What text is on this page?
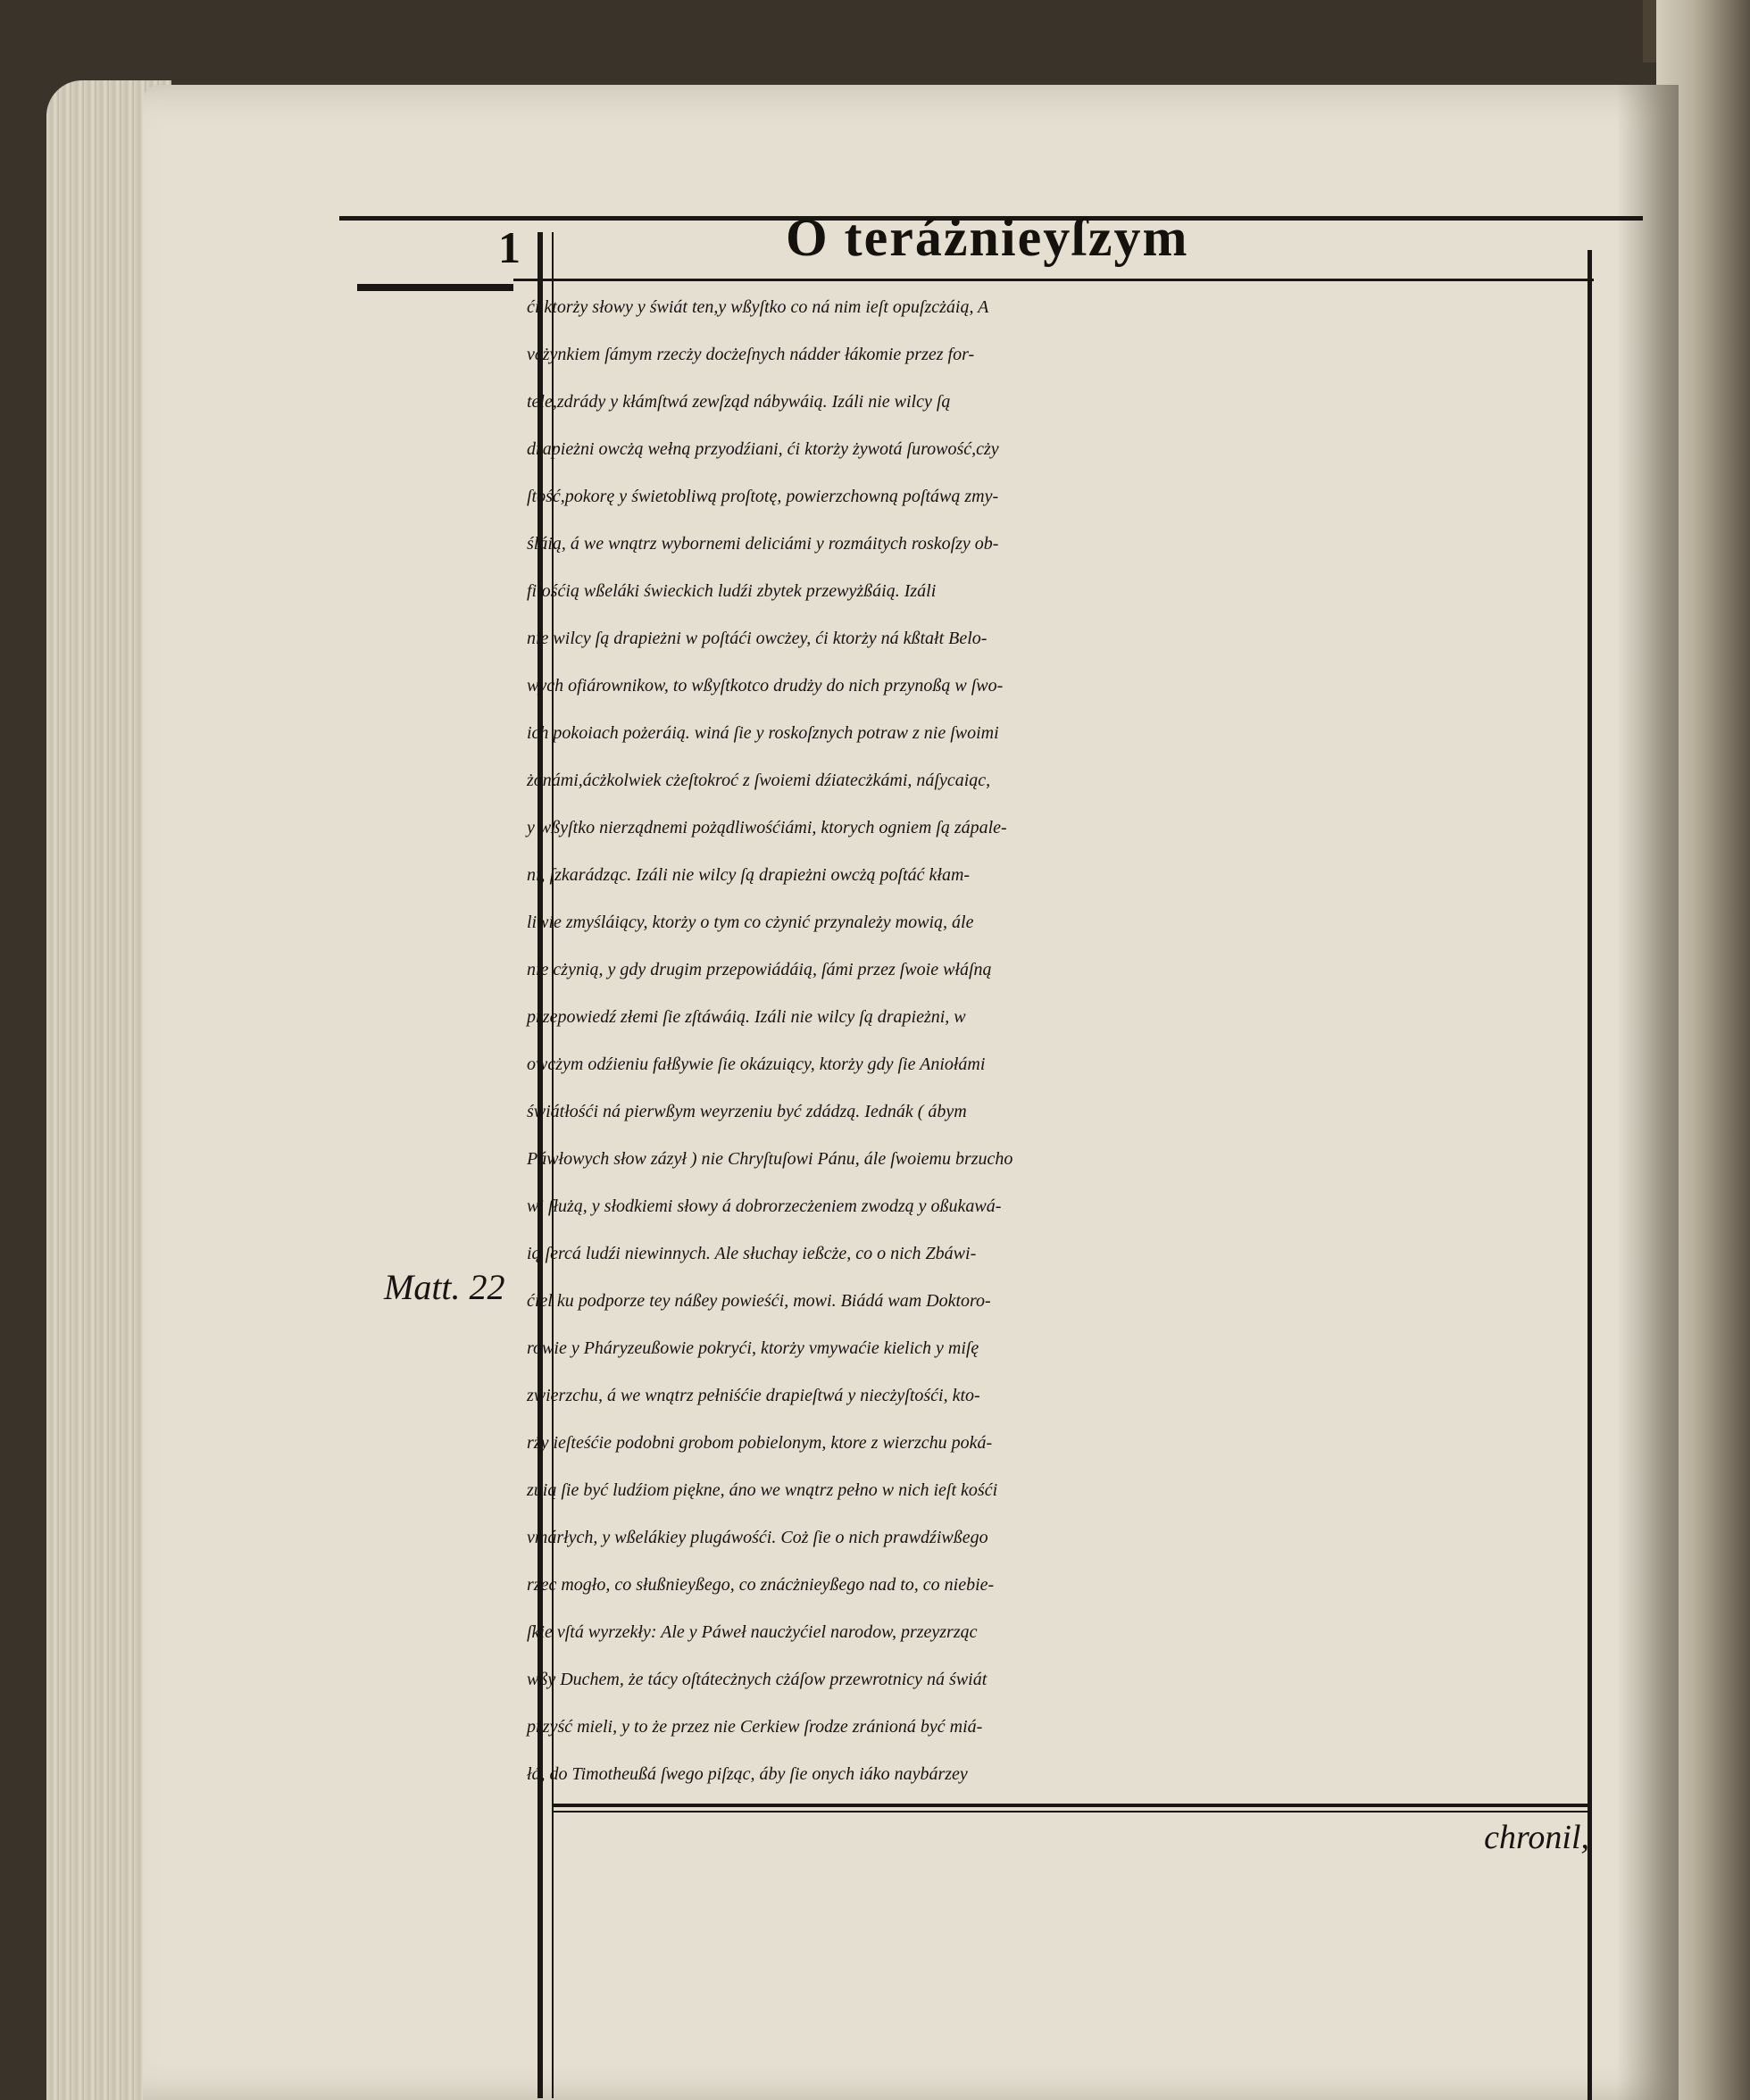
1	O teráżnieyſzym
Matt. 22
ći ktorży słowy y świát ten,y wßyſtko co ná nim ieſt opuſzcżáią, A
vcżynkiem ſámym rzecży docżeſnych nádder łákomie przez for-
tele,zdrády y kłámſtwá zewſząd nábywáią. Izáli nie wilcy ſą
drapieżni owcżą wełną przyodźiani, ći ktorży żywotá ſurowość,cży
ſtość,pokorę y świetobliwą proſtotę, powierzchowną poſtáwą zmy-
śláią, á we wnątrz wybornemi deliciámi y rozmáitych roskoſzy ob-
fitośćią wßeláki świeckich ludźi zbytek przewyżßáią. Izáli
nie wilcy ſą drapieżni w poſtáći owcżey, ći ktorży ná kßtałt Belo-
wych ofiárownikow, to wßyſtkotco drudży do nich przynoßą w ſwo-
ich pokoiach pożeráią. winá ſie y roskoſznych potraw z nie ſwoimi
żonámi,ácżkolwiek cżeſtokroć z ſwoiemi dźiatecżkámi, náſycaiąc,
y wßyſtko nierządnemi pożądliwośćiámi, ktorych ogniem ſą zápale-
ni, ſzkarádząc. Izáli nie wilcy ſą drapieżni owcżą poſtáć kłam-
liwie zmyśláiący, ktorży o tym co cżynić przynależy mowią, ále
nie cżynią, y gdy drugim przepowiádáią, ſámi przez ſwoie włáſną
przepowiedź złemi ſie zſtáwáią. Izáli nie wilcy ſą drapieżni, w
owcżym odźieniu fałßywie ſie okázuiący, ktorży gdy ſie Aniołámi
świátłośći ná pierwßym weyrzeniu być zdádzą. Iednák ( ábym
Páwłowych słow zázył ) nie Chryſtuſowi Pánu, ále ſwoiemu brzucho
wi ſłużą, y słodkiemi słowy á dobrorzecżeniem zwodzą y oßukawá-
ią ſercá ludźi niewinnych. Ale słuchay ießcże, co o nich Zbáwi-
ćiel ku podporze tey náßey powieśći, mowi. Biádá wam Doktoro-
rowie y Pháryzeußowie pokryći, ktorży vmywaćie kielich y miſę
zwierzchu, á we wnątrz pełniśćie drapieſtwá y niecżyſtośći, kto-
rży ieſteśćie podobni grobom pobielonym, ktore z wierzchu poká-
zuią ſie być ludźiom piękne, áno we wnątrz pełno w nich ieſt kośći
vmárłych, y wßelákiey plugáwośći. Coż ſie o nich prawdźiwßego
rzec mogło, co słußnieyßego, co znácżnieyßego nad to, co niebie-
ſkie vſtá wyrzekły: Ale y Páweł naucżyćiel narodow, przeyzrząc
wßy Duchem, że tácy oſtátecżnych cżáſow przewrotnicy ná świát
przyść mieli, y to że przez nie Cerkiew ſrodze zránioná być miá-
łá, do Timotheußá ſwego piſząc, áby ſie onych iáko naybárzey
chronil,
